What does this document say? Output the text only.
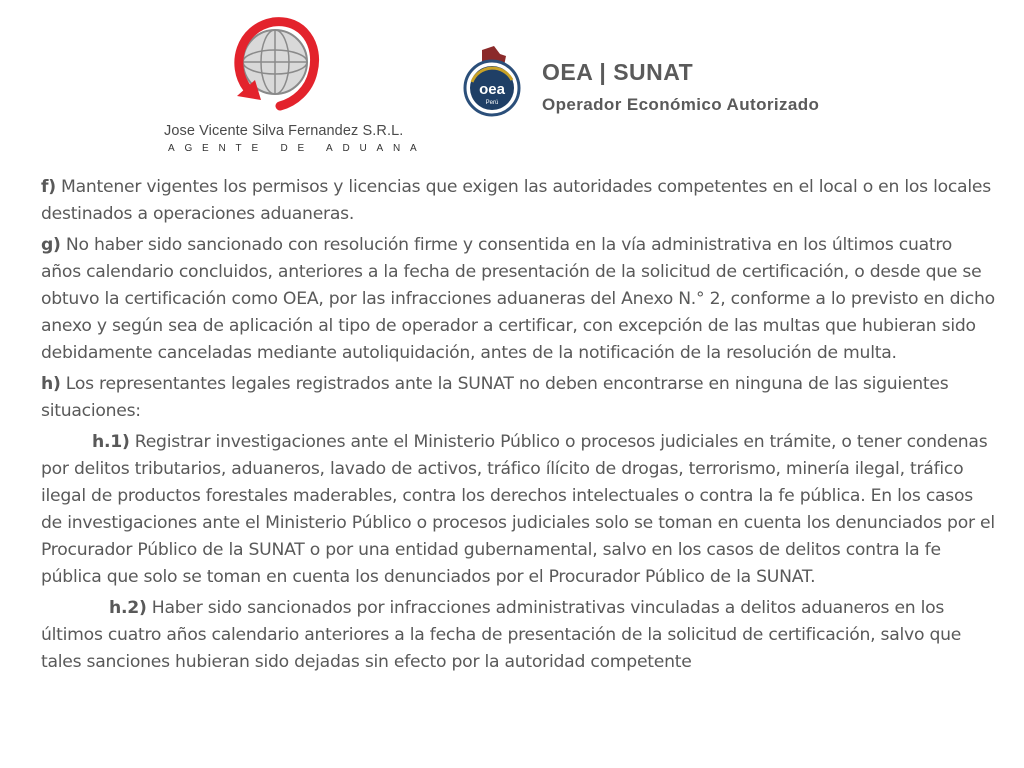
Jose Vicente Silva Fernandez S.R.L.
AGENTE DE ADUANA
oea
Perú
OEA | SUNAT
Operador Económico Autorizado

f) Mantener vigentes los permisos y licencias que exigen las autoridades competentes en el local o en los locales destinados a operaciones aduaneras.

g) No haber sido sancionado con resolución firme y consentida en la vía administrativa en los últimos cuatro años calendario concluidos, anteriores a la fecha de presentación de la solicitud de certificación, o desde que se obtuvo la certificación como OEA, por las infracciones aduaneras del Anexo N.° 2, conforme a lo previsto en dicho anexo y según sea de aplicación al tipo de operador a certificar, con excepción de las multas que hubieran sido debidamente canceladas mediante autoliquidación, antes de la notificación de la resolución de multa.

h) Los representantes legales registrados ante la SUNAT no deben encontrarse en ninguna de las siguientes situaciones:

h.1) Registrar investigaciones ante el Ministerio Público o procesos judiciales en trámite, o tener condenas por delitos tributarios, aduaneros, lavado de activos, tráfico ílícito de drogas, terrorismo, minería ilegal, tráfico ilegal de productos forestales maderables, contra los derechos intelectuales o contra la fe pública. En los casos de investigaciones ante el Ministerio Público o procesos judiciales solo se toman en cuenta los denunciados por el Procurador Público de la SUNAT o por una entidad gubernamental, salvo en los casos de delitos contra la fe pública que solo se toman en cuenta los denunciados por el Procurador Público de la SUNAT.

h.2) Haber sido sancionados por infracciones administrativas vinculadas a delitos aduaneros en los últimos cuatro años calendario anteriores a la fecha de presentación de la solicitud de certificación, salvo que tales sanciones hubieran sido dejadas sin efecto por la autoridad competente
